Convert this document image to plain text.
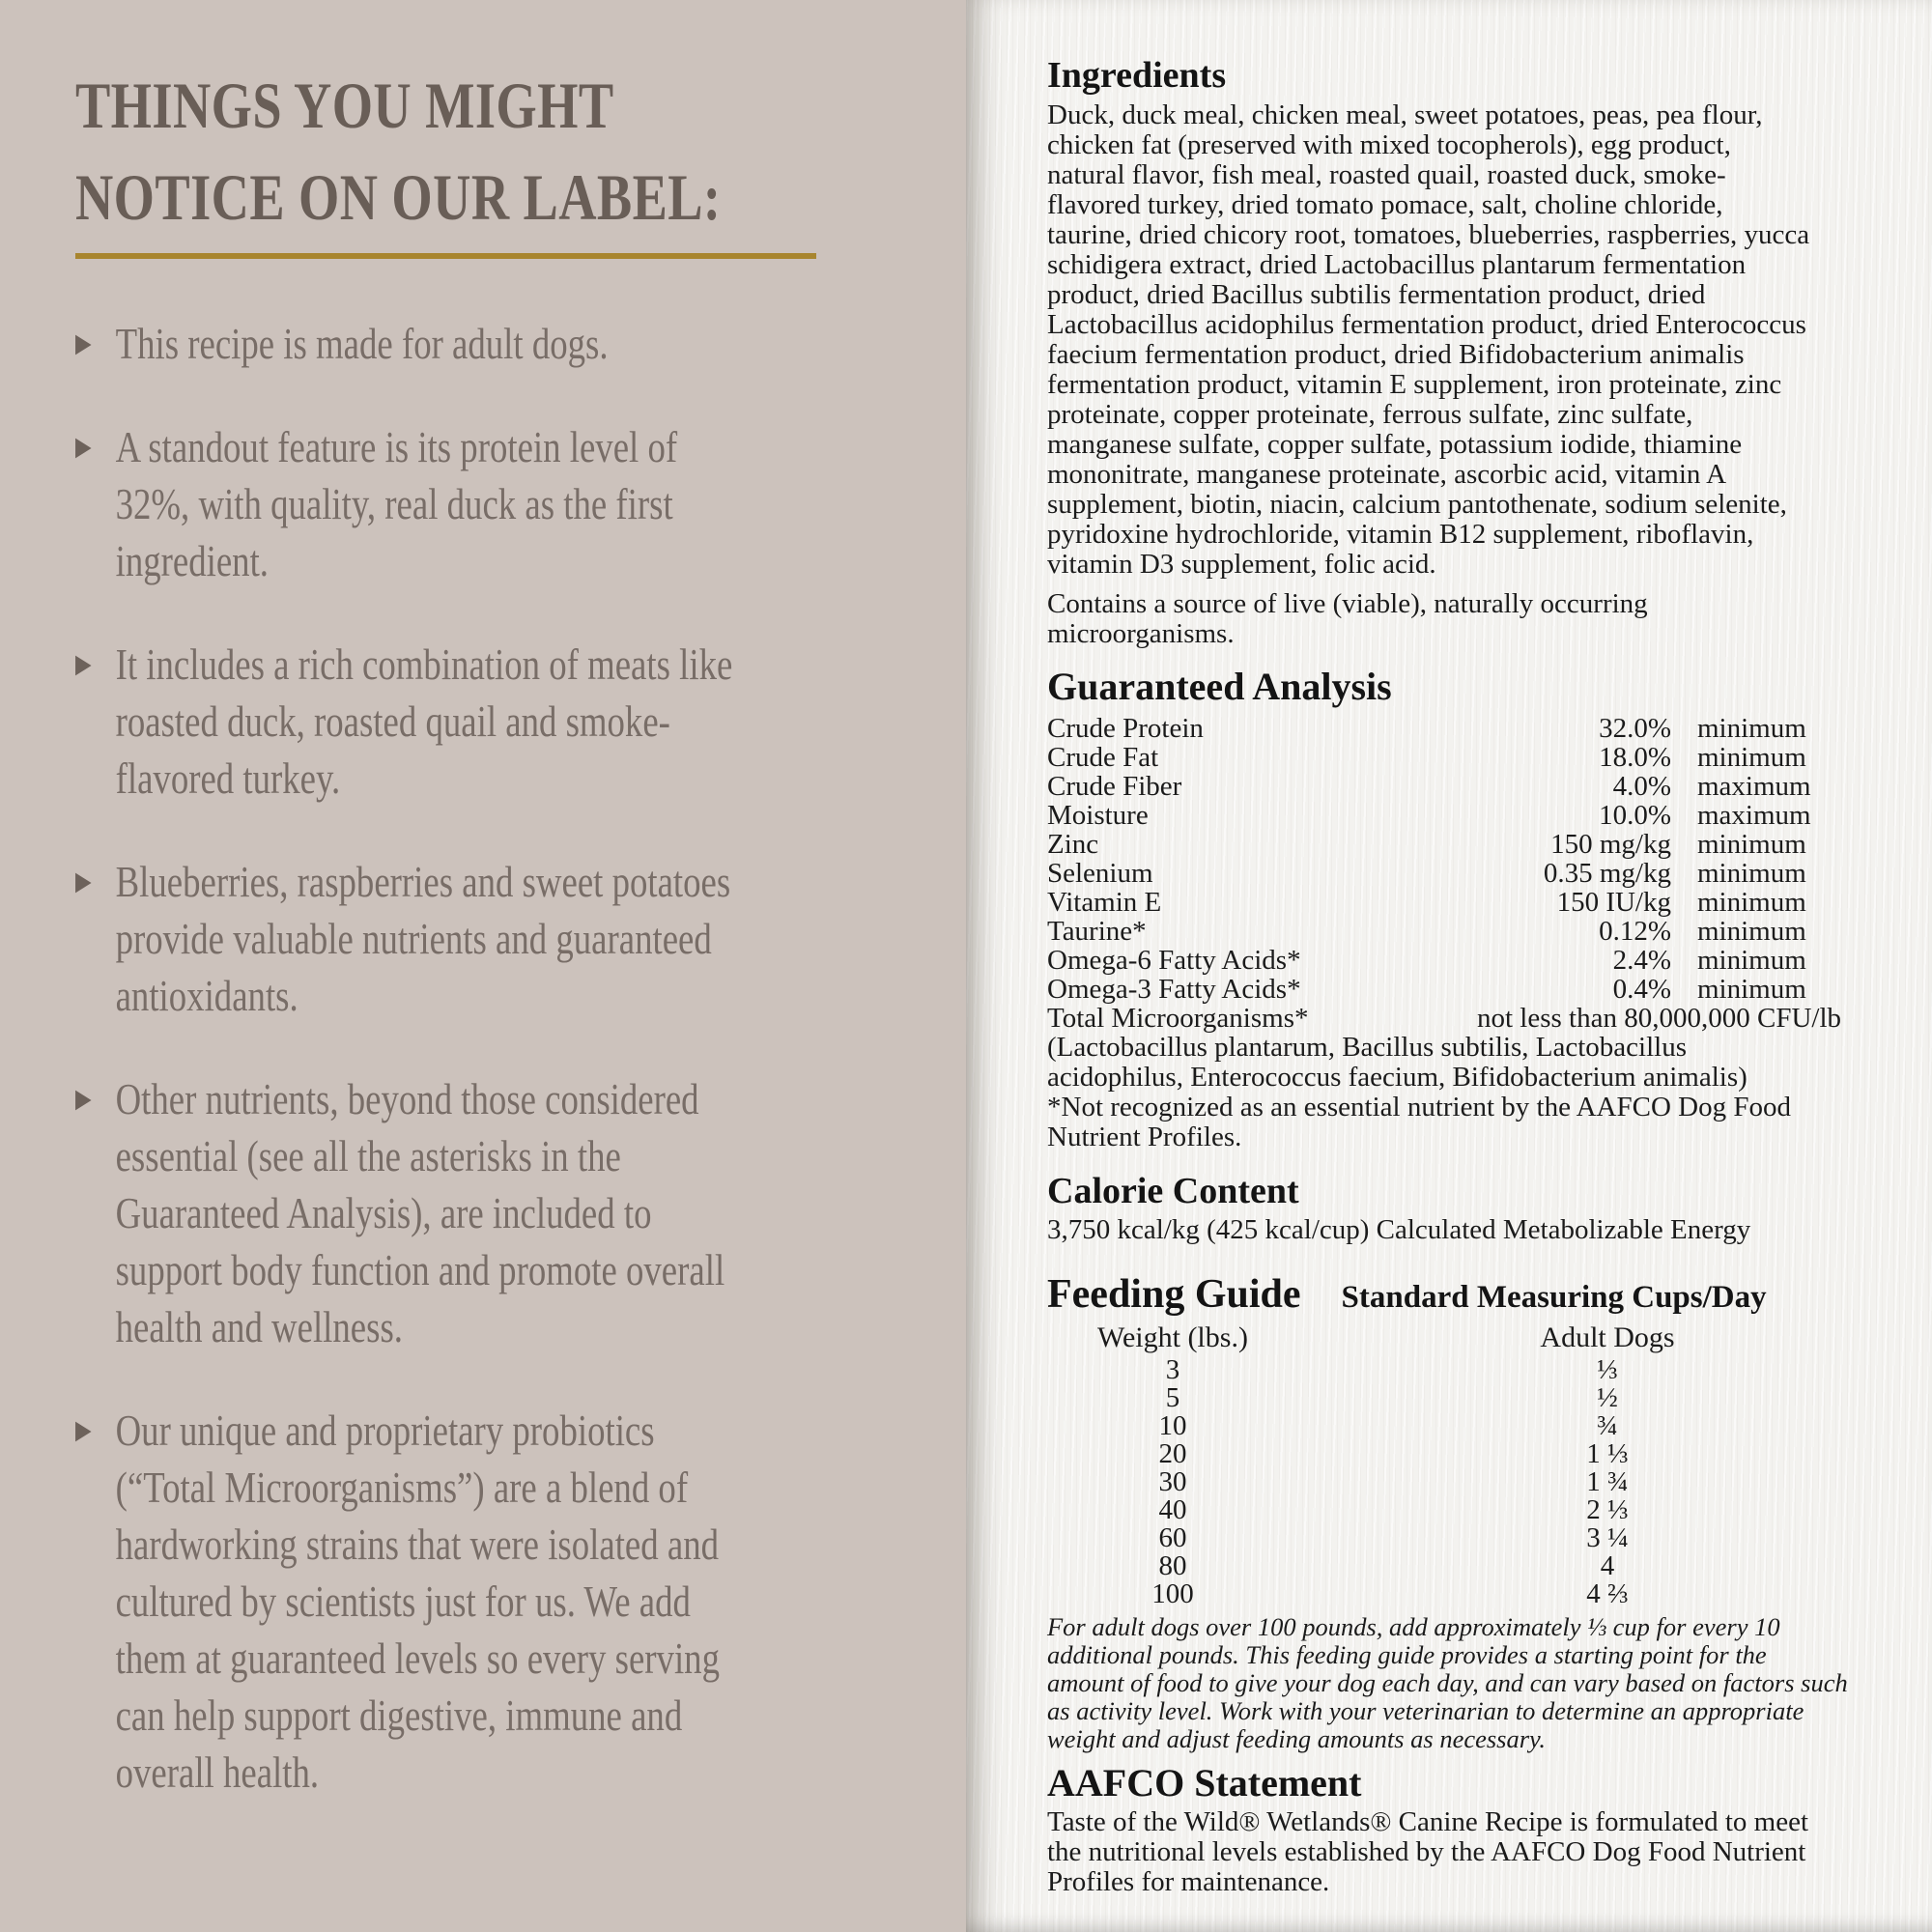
THINGS YOU MIGHT
NOTICE ON OUR LABEL:
▶ This recipe is made for adult dogs.
▶ A standout feature is its protein level of 32%, with quality, real duck as the first ingredient.
▶ It includes a rich combination of meats like roasted duck, roasted quail and smoke-flavored turkey.
▶ Blueberries, raspberries and sweet potatoes provide valuable nutrients and guaranteed antioxidants.
▶ Other nutrients, beyond those considered essential (see all the asterisks in the Guaranteed Analysis), are included to support body function and promote overall health and wellness.
▶ Our unique and proprietary probiotics (“Total Microorganisms”) are a blend of hardworking strains that were isolated and cultured by scientists just for us. We add them at guaranteed levels so every serving can help support digestive, immune and overall health.
Ingredients

Duck, duck meal, chicken meal, sweet potatoes, peas, pea flour, chicken fat (preserved with mixed tocopherols), egg product, natural flavor, fish meal, roasted quail, roasted duck, smoke-flavored turkey, dried tomato pomace, salt, choline chloride, taurine, dried chicory root, tomatoes, blueberries, raspberries, yucca schidigera extract, dried Lactobacillus plantarum fermentation product, dried Bacillus subtilis fermentation product, dried Lactobacillus acidophilus fermentation product, dried Enterococcus faecium fermentation product, dried Bifidobacterium animalis fermentation product, vitamin E supplement, iron proteinate, zinc proteinate, copper proteinate, ferrous sulfate, zinc sulfate, manganese sulfate, copper sulfate, potassium iodide, thiamine mononitrate, manganese proteinate, ascorbic acid, vitamin A supplement, biotin, niacin, calcium pantothenate, sodium selenite, pyridoxine hydrochloride, vitamin B12 supplement, riboflavin, vitamin D3 supplement, folic acid.

Contains a source of live (viable), naturally occurring microorganisms.

Guaranteed Analysis
Crude Protein	32.0% minimum
Crude Fat	18.0% minimum
Crude Fiber	4.0% maximum
Moisture	10.0% maximum
Zinc	150 mg/kg minimum
Selenium	0.35 mg/kg minimum
Vitamin E	150 IU/kg minimum
Taurine*	0.12% minimum
Omega-6 Fatty Acids*	2.4% minimum
Omega-3 Fatty Acids*	0.4% minimum
Total Microorganisms*	not less than 80,000,000 CFU/lb

(Lactobacillus plantarum, Bacillus subtilis, Lactobacillus acidophilus, Enterococcus faecium, Bifidobacterium animalis)

*Not recognized as an essential nutrient by the AAFCO Dog Food Nutrient Profiles.

Calorie Content

3,750 kcal/kg (425 kcal/cup) Calculated Metabolizable Energy

Feeding Guide Standard Measuring Cups/Day
Weight (lbs.)	Adult Dogs
3	⅓
5	½
10	¾
20	1 ⅓
30	1 ¾
40	2 ⅓
60	3 ¼
80	4
100	4 ⅔

For adult dogs over 100 pounds, add approximately ⅓ cup for every 10 additional pounds. This feeding guide provides a starting point for the amount of food to give your dog each day, and can vary based on factors such as activity level. Work with your veterinarian to determine an appropriate weight and adjust feeding amounts as necessary.

AAFCO Statement

Taste of the Wild® Wetlands® Canine Recipe is formulated to meet the nutritional levels established by the AAFCO Dog Food Nutrient Profiles for maintenance.
